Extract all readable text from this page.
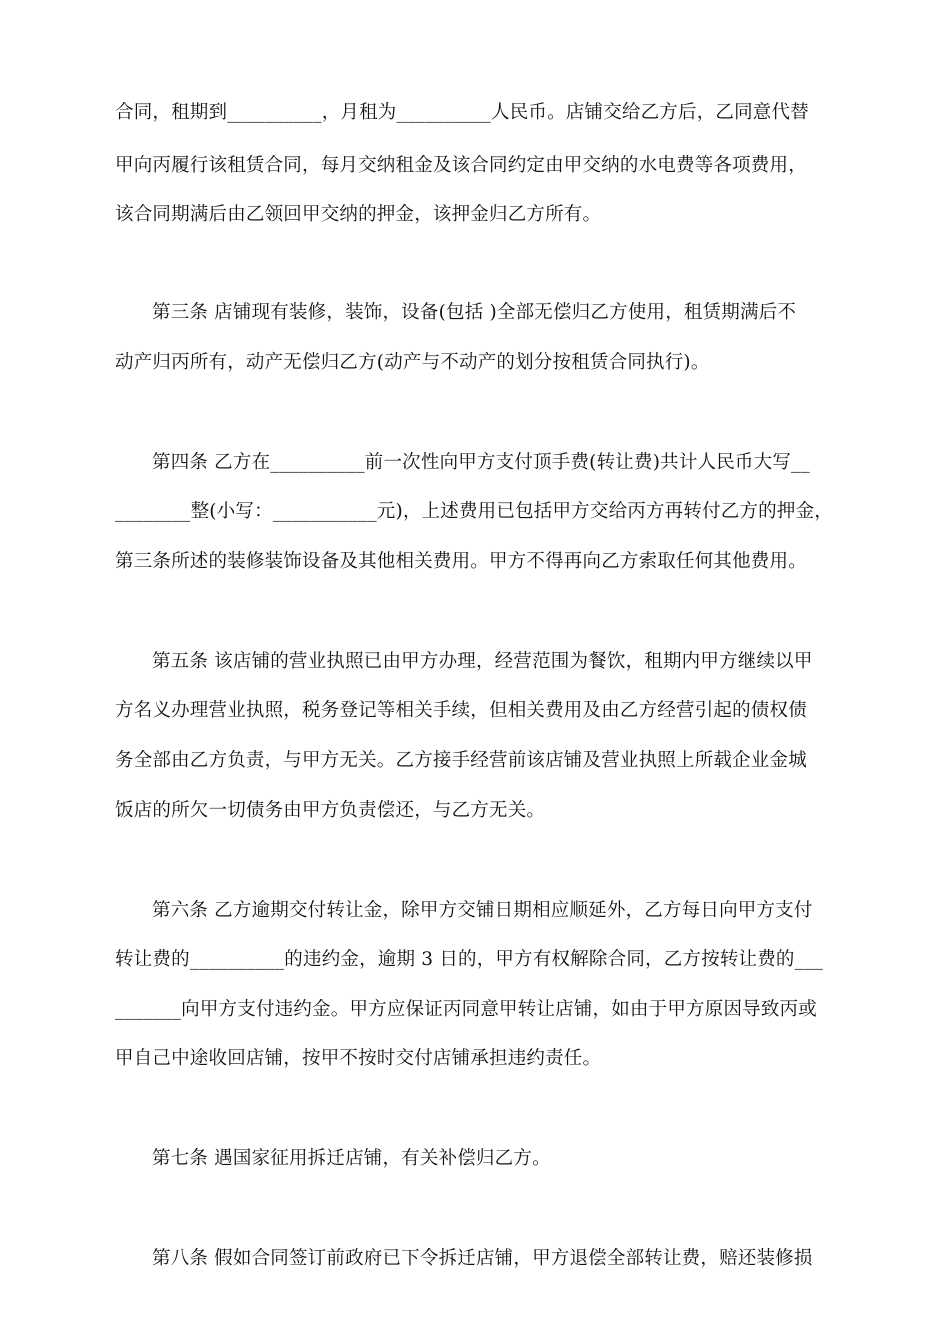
合同，租期到__________，月租为__________人民币。店铺交给乙方后，乙同意代替
甲向丙履行该租赁合同，每月交纳租金及该合同约定由甲交纳的水电费等各项费用，
该合同期满后由乙领回甲交纳的押金，该押金归乙方所有。
第三条 店铺现有装修，装饰，设备(包括 )全部无偿归乙方使用，租赁期满后不
动产归丙所有，动产无偿归乙方(动产与不动产的划分按租赁合同执行)。
第四条 乙方在__________前一次性向甲方支付顶手费(转让费)共计人民币大写__
________整(小写：___________元)，上述费用已包括甲方交给丙方再转付乙方的押金，
第三条所述的装修装饰设备及其他相关费用。甲方不得再向乙方索取任何其他费用。
第五条 该店铺的营业执照已由甲方办理，经营范围为餐饮，租期内甲方继续以甲
方名义办理营业执照，税务登记等相关手续，但相关费用及由乙方经营引起的债权债
务全部由乙方负责，与甲方无关。乙方接手经营前该店铺及营业执照上所载企业金城
饭店的所欠一切债务由甲方负责偿还，与乙方无关。
第六条 乙方逾期交付转让金，除甲方交铺日期相应顺延外，乙方每日向甲方支付
转让费的__________的违约金，逾期 3 日的，甲方有权解除合同，乙方按转让费的___
_______向甲方支付违约金。甲方应保证丙同意甲转让店铺，如由于甲方原因导致丙或
甲自己中途收回店铺，按甲不按时交付店铺承担违约责任。
第七条 遇国家征用拆迁店铺，有关补偿归乙方。
第八条 假如合同签订前政府已下令拆迁店铺，甲方退偿全部转让费，赔还装修损
